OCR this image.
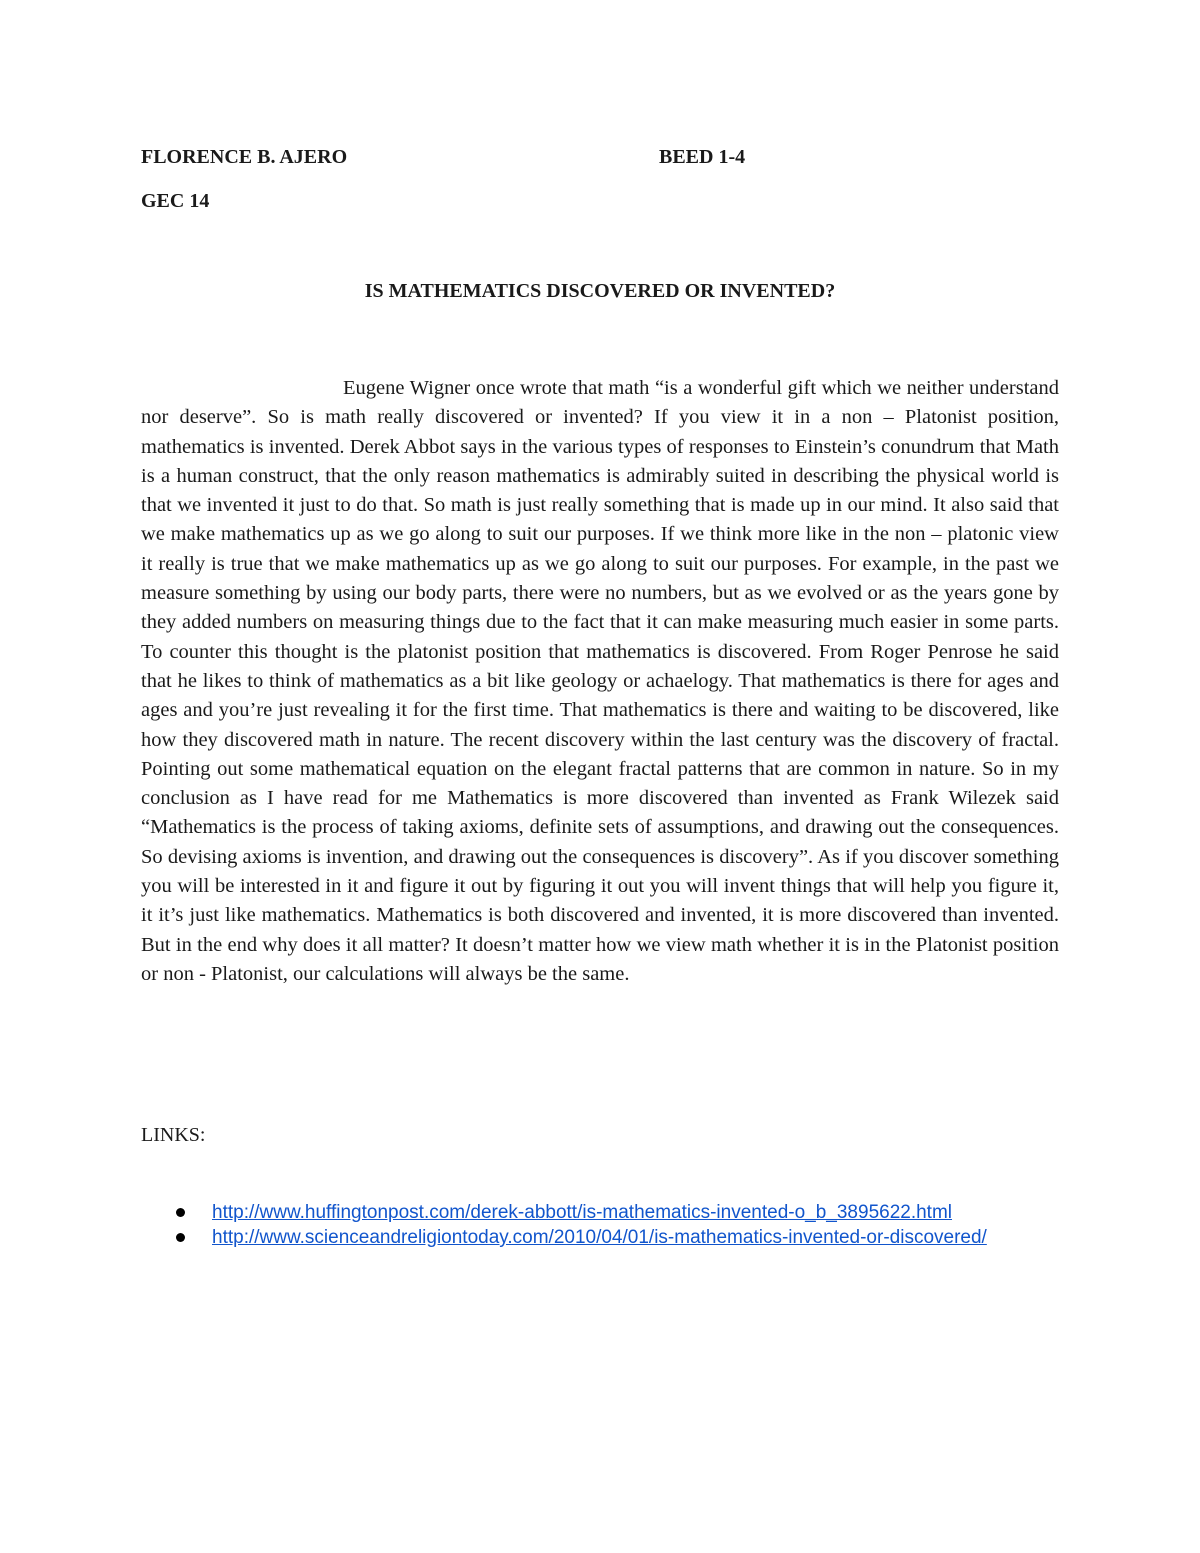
FLORENCE B. AJERO	BEED 1-4
GEC 14
IS MATHEMATICS DISCOVERED OR INVENTED?

Eugene Wigner once wrote that math “is a wonderful gift which we neither understand nor deserve”. So is math really discovered or invented? If you view it in a non – Platonist position, mathematics is invented. Derek Abbot says in the various types of responses to Einstein’s conundrum that Math is a human construct, that the only reason mathematics is admirably suited in describing the physical world is that we invented it just to do that. So math is just really something that is made up in our mind. It also said that we make mathematics up as we go along to suit our purposes. If we think more like in the non – platonic view it really is true that we make mathematics up as we go along to suit our purposes. For example, in the past we measure something by using our body parts, there were no numbers, but as we evolved or as the years gone by they added numbers on measuring things due to the fact that it can make measuring much easier in some parts. To counter this thought is the platonist position that mathematics is discovered. From Roger Penrose he said that he likes to think of mathematics as a bit like geology or achaelogy. That mathematics is there for ages and ages and you’re just revealing it for the first time. That mathematics is there and waiting to be discovered, like how they discovered math in nature. The recent discovery within the last century was the discovery of fractal. Pointing out some mathematical equation on the elegant fractal patterns that are common in nature. So in my conclusion as I have read for me Mathematics is more discovered than invented as Frank Wilezek said “Mathematics is the process of taking axioms, definite sets of assumptions, and drawing out the consequences. So devising axioms is invention, and drawing out the consequences is discovery”. As if you discover something you will be interested in it and figure it out by figuring it out you will invent things that will help you figure it, it it’s just like mathematics. Mathematics is both discovered and invented, it is more discovered than invented. But in the end why does it all matter? It doesn’t matter how we view math whether it is in the Platonist position or non - Platonist, our calculations will always be the same.

LINKS:
http://www.huffingtonpost.com/derek-abbott/is-mathematics-invented-o_b_3895622.html
http://www.scienceandreligiontoday.com/2010/04/01/is-mathematics-invented-or-discovered/
